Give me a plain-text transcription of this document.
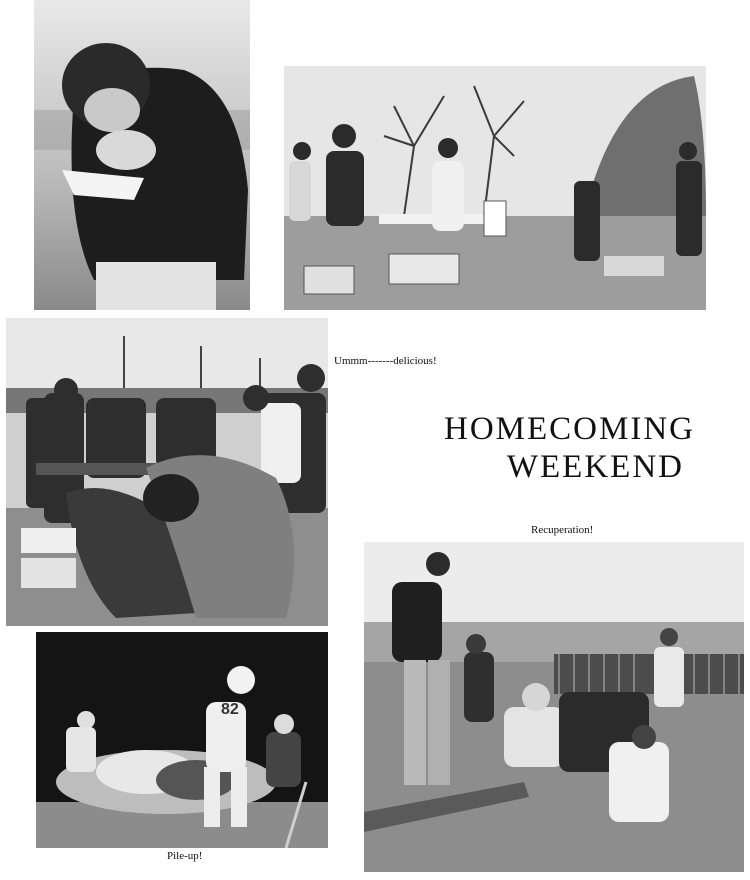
82
Ummm-------delicious!
Recuperation!
Pile-up!
HOMECOMING
WEEKEND
